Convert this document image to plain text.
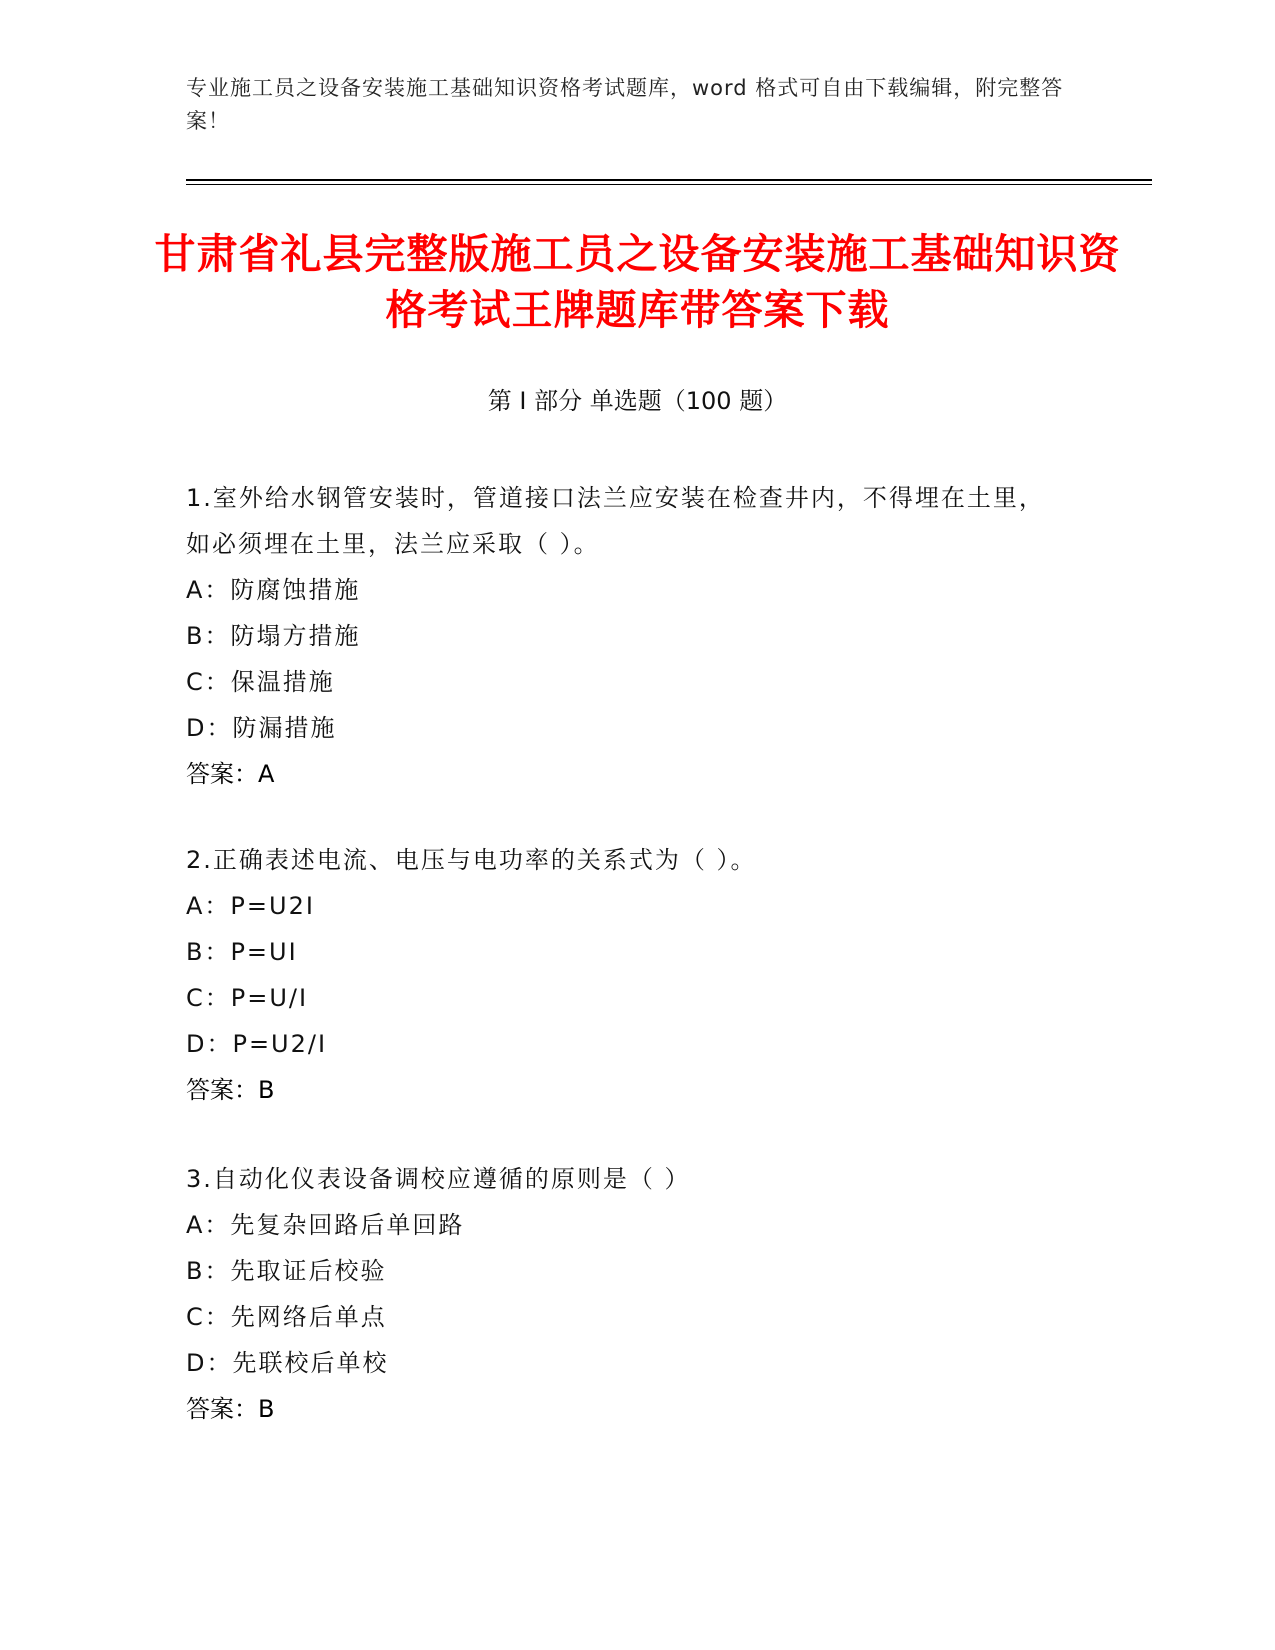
专业施工员之设备安装施工基础知识资格考试题库，word 格式可自由下载编辑，附完整答案！
甘肃省礼县完整版施工员之设备安装施工基础知识资格考试王牌题库带答案下载
第 I 部分 单选题（100 题）
1.室外给水钢管安装时，管道接口法兰应安装在检查井内，不得埋在土里，如必须埋在土里，法兰应采取（ ）。
A：防腐蚀措施
B：防塌方措施
C：保温措施
D：防漏措施
答案：A
2.正确表述电流、电压与电功率的关系式为（ ）。
A：P=U2I
B：P=UI
C：P=U/I
D：P=U2/I
答案：B
3.自动化仪表设备调校应遵循的原则是（ ）
A：先复杂回路后单回路
B：先取证后校验
C：先网络后单点
D：先联校后单校
答案：B
